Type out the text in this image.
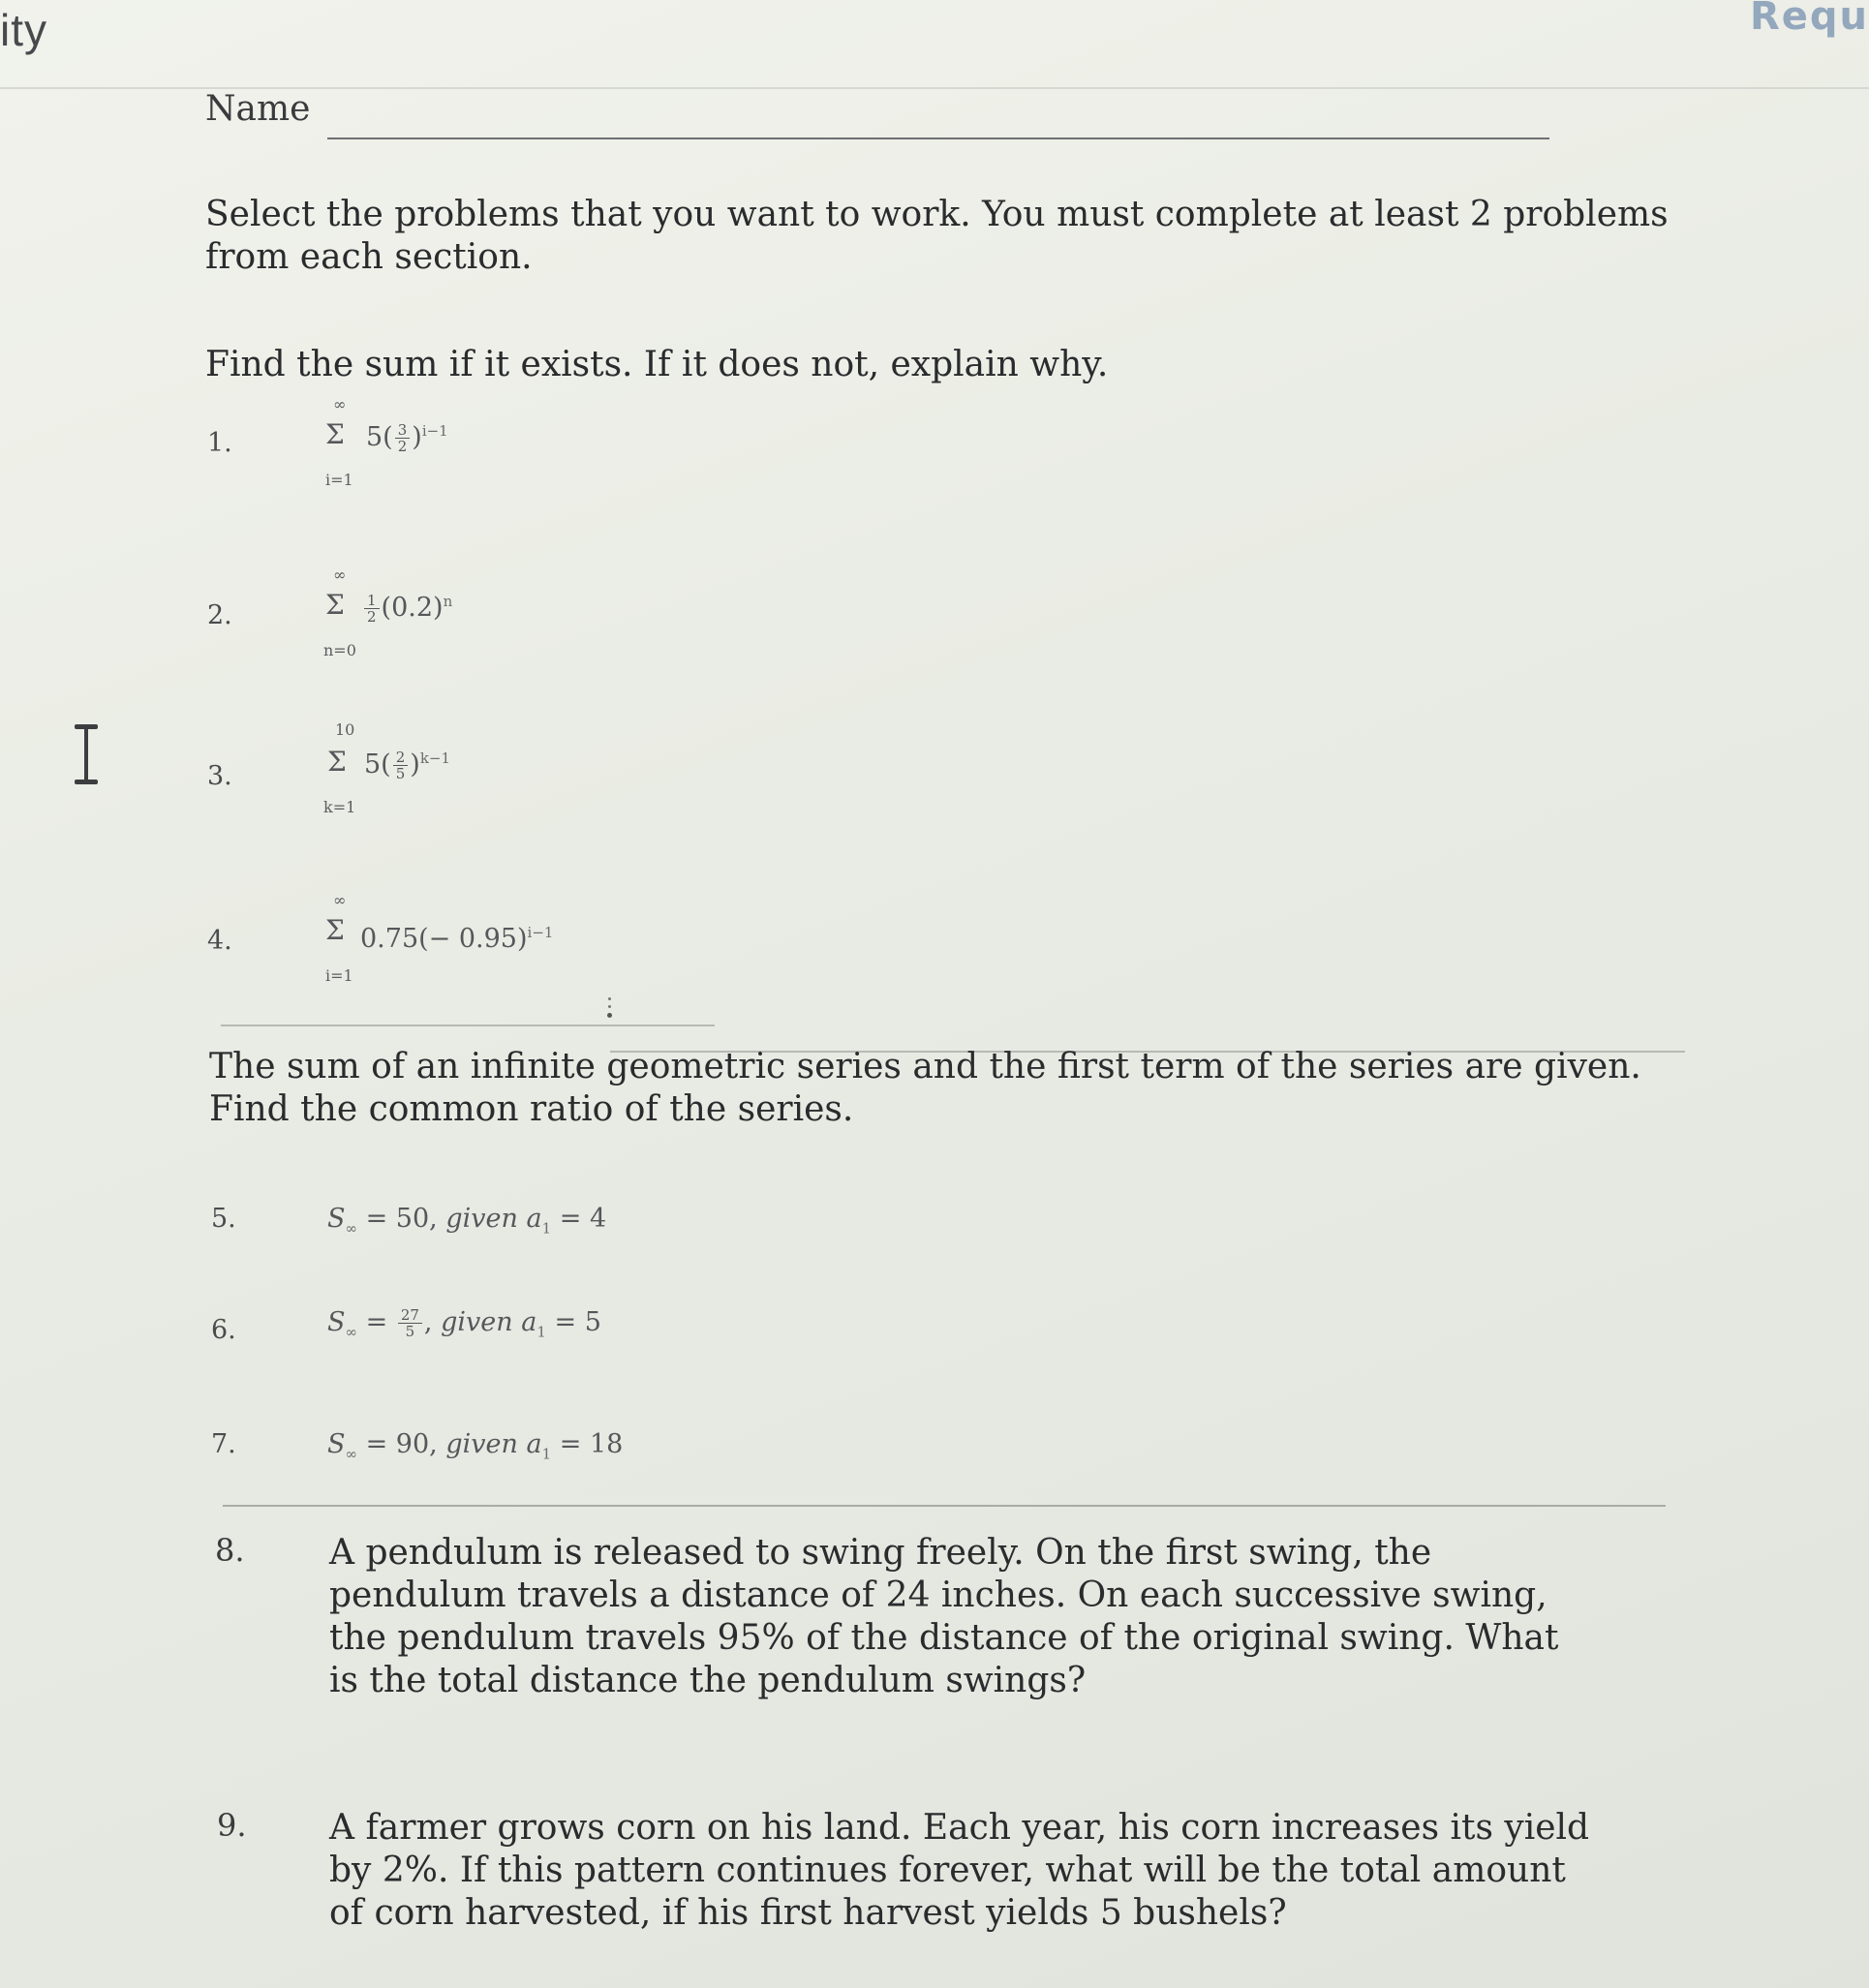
ity	Requ
Name
Select the problems that you want to work. You must complete at least 2 problems from each section.
Find the sum if it exists. If it does not, explain why.
1.
∞
Σ
i=1
$5( \frac{3}{2} )^{i-1}$
2.
∞
Σ
n=0
$\frac{1}{2} (0.2)^n$
3.
10
Σ
k=1
$5( \frac{2}{5} )^{k-1}$
4.
∞
Σ
i=1
$0.75(- 0.95)^{i-1}$
The sum of an infinite geometric series and the first term of the series are given. Find the common ratio of the series.
5.	$S_\infty = 50$, given $a_1 = 4$
6.	$S_\infty = \frac{27}{5}$ , given $a_1 = 5$
7.	$S_\infty = 90$, given $a_1 = 18$
8. A pendulum is released to swing freely. On the first swing, the pendulum travels a distance of 24 inches. On each successive swing, the pendulum travels 95% of the distance of the original swing. What is the total distance the pendulum swings?
9. A farmer grows corn on his land. Each year, his corn increases its yield by 2%. If this pattern continues forever, what will be the total amount of corn harvested, if his first harvest yields 5 bushels?
